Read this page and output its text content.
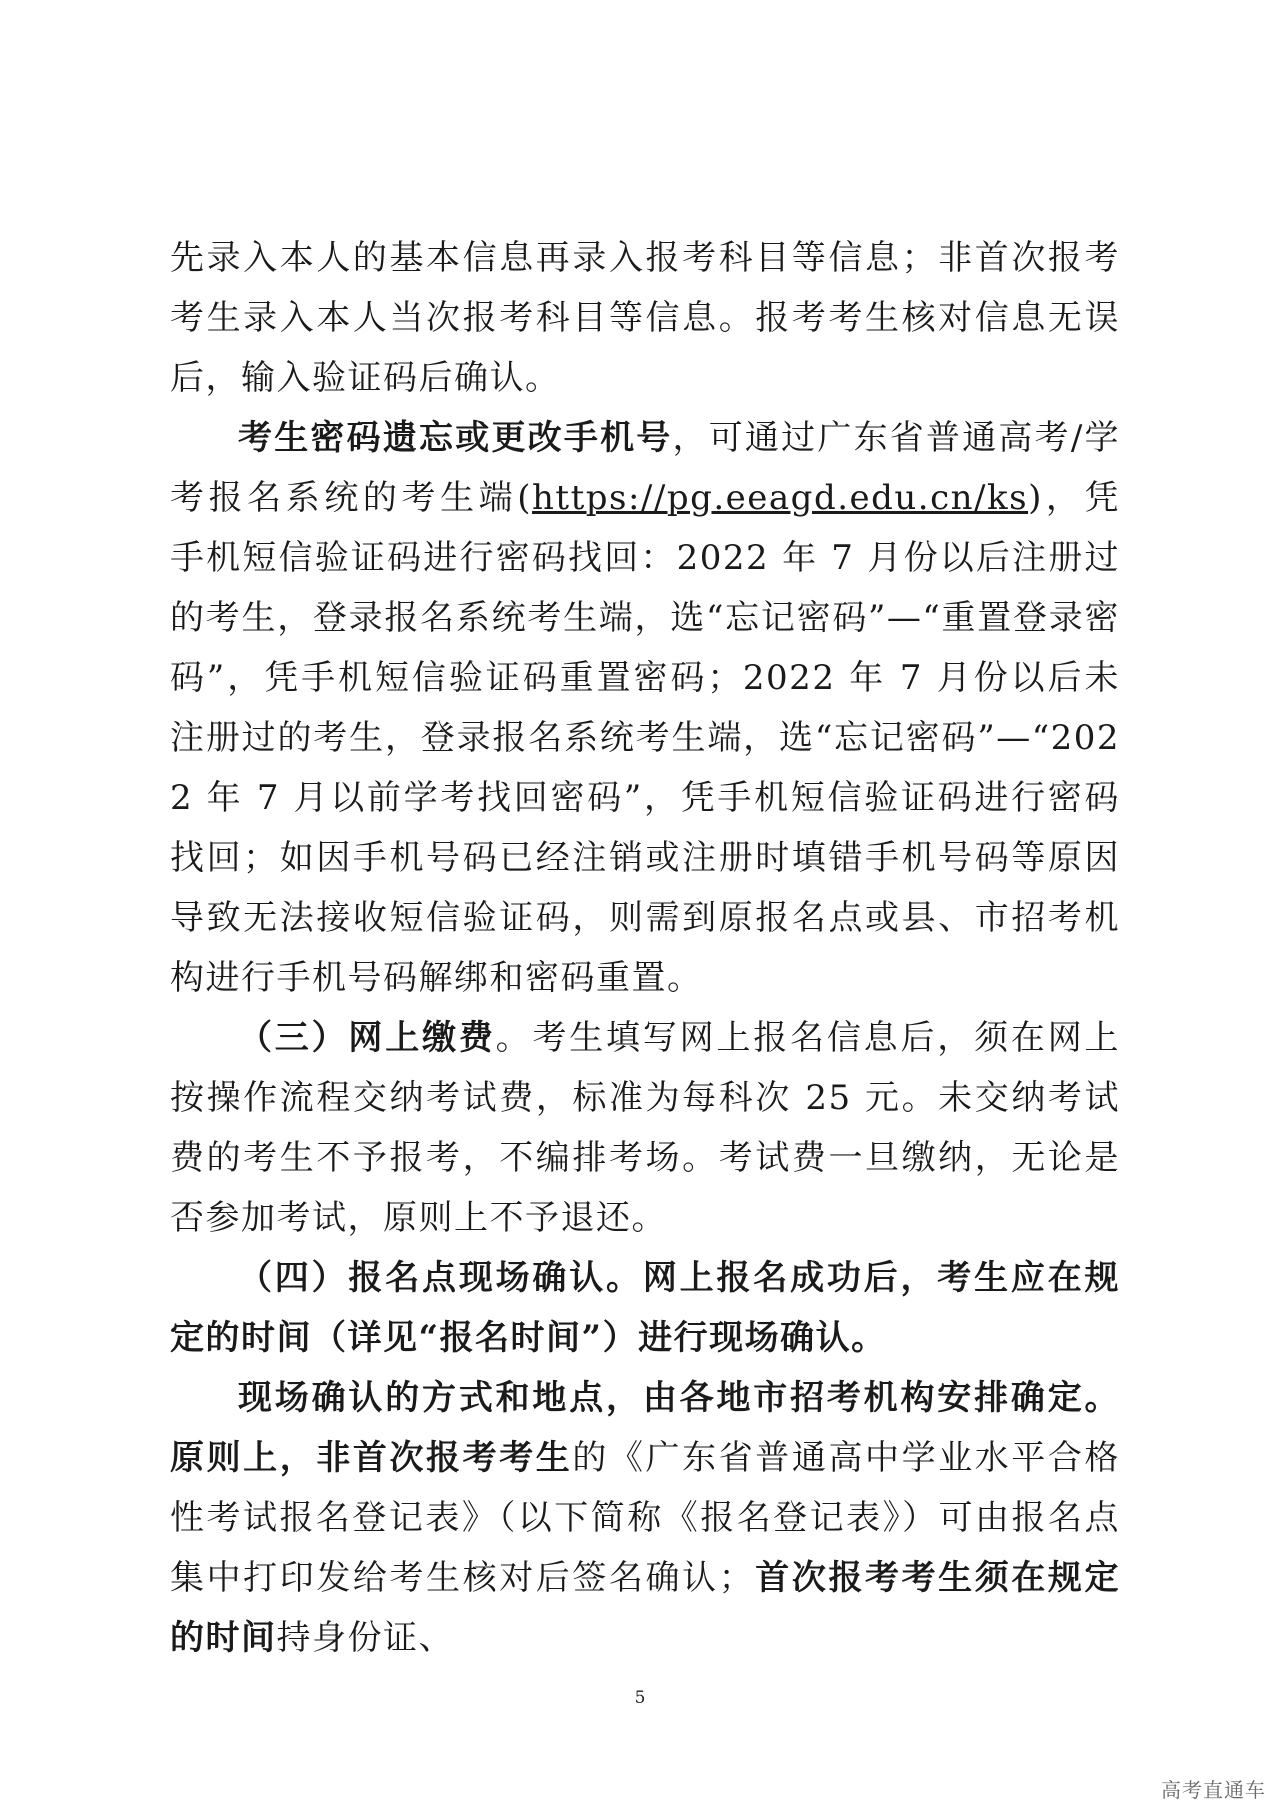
先录入本人的基本信息再录入报考科目等信息；非首次报考考生录入本人当次报考科目等信息。报考考生核对信息无误后，输入验证码后确认。

考生密码遗忘或更改手机号，可通过广东省普通高考/学考报名系统的考生端(https://pg.eeagd.edu.cn/ks)，凭手机短信验证码进行密码找回：2022 年 7 月份以后注册过的考生，登录报名系统考生端，选“忘记密码”—“重置登录密码”，凭手机短信验证码重置密码；2022 年 7 月份以后未注册过的考生，登录报名系统考生端，选“忘记密码”—“2022 年 7 月以前学考找回密码”，凭手机短信验证码进行密码找回；如因手机号码已经注销或注册时填错手机号码等原因导致无法接收短信验证码，则需到原报名点或县、市招考机构进行手机号码解绑和密码重置。

（三）网上缴费。考生填写网上报名信息后，须在网上按操作流程交纳考试费，标准为每科次 25 元。未交纳考试费的考生不予报考，不编排考场。考试费一旦缴纳，无论是否参加考试，原则上不予退还。

（四）报名点现场确认。网上报名成功后，考生应在规定的时间（详见“报名时间”）进行现场确认。

现场确认的方式和地点，由各地市招考机构安排确定。原则上，非首次报考考生的《广东省普通高中学业水平合格性考试报名登记表》（以下简称《报名登记表》）可由报名点集中打印发给考生核对后签名确认；首次报考考生须在规定的时间持身份证、

5
高考直通车
